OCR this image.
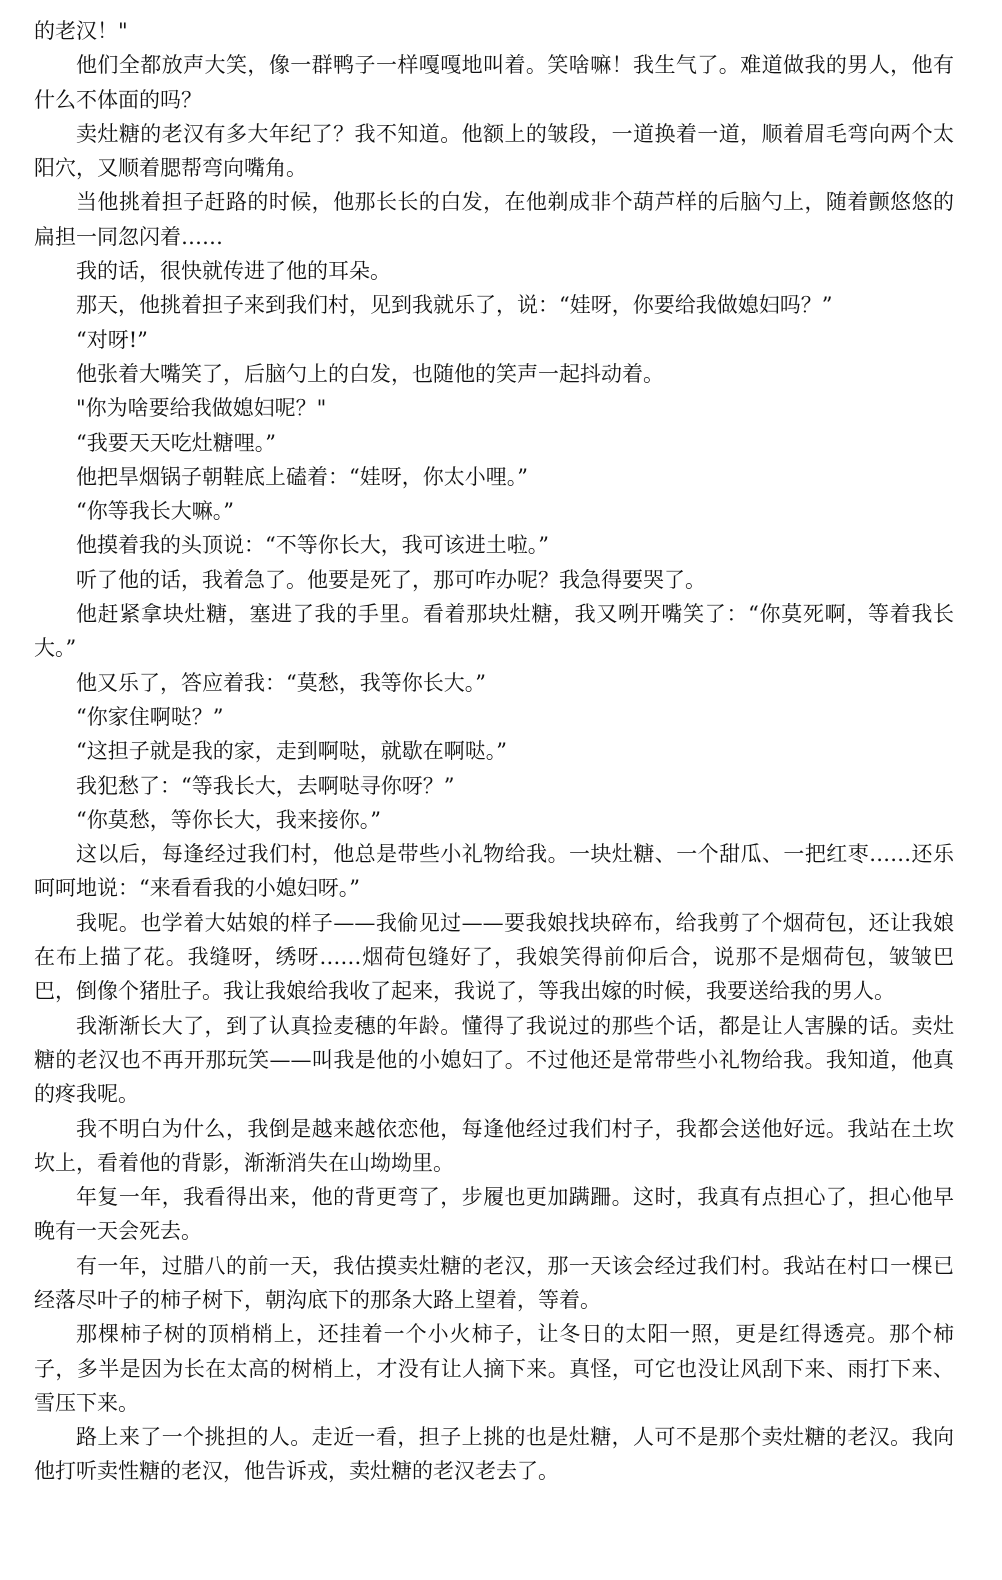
的老汉！"

他们全都放声大笑，像一群鸭子一样嘎嘎地叫着。笑啥嘛！我生气了。难道做我的男人，他有什么不体面的吗？

卖灶糖的老汉有多大年纪了？我不知道。他额上的皱段，一道换着一道，顺着眉毛弯向两个太阳穴，又顺着腮帮弯向嘴角。

当他挑着担子赶路的时候，他那长长的白发，在他剃成非个葫芦样的后脑勺上，随着颤悠悠的扁担一同忽闪着……

我的话，很快就传进了他的耳朵。

那天，他挑着担子来到我们村，见到我就乐了，说：“娃呀，你要给我做媳妇吗？”

“对呀!”

他张着大嘴笑了，后脑勺上的白发，也随他的笑声一起抖动着。

"你为啥要给我做媳妇呢？"

“我要天天吃灶糖哩。”

他把旱烟锅子朝鞋底上磕着：“娃呀，你太小哩。”

“你等我长大嘛。”

他摸着我的头顶说：“不等你长大，我可该进土啦。”

听了他的话，我着急了。他要是死了，那可咋办呢？我急得要哭了。

他赶紧拿块灶糖，塞进了我的手里。看着那块灶糖，我又咧开嘴笑了：“你莫死啊，等着我长大。”

他又乐了，答应着我：“莫愁，我等你长大。”

“你家住啊哒？”

“这担子就是我的家，走到啊哒，就歇在啊哒。”

我犯愁了：“等我长大，去啊哒寻你呀？”

“你莫愁，等你长大，我来接你。”

这以后，每逢经过我们村，他总是带些小礼物给我。一块灶糖、一个甜瓜、一把红枣……还乐呵呵地说：“来看看我的小媳妇呀。”

我呢。也学着大姑娘的样子——我偷见过——要我娘找块碎布，给我剪了个烟荷包，还让我娘在布上描了花。我缝呀，绣呀……烟荷包缝好了，我娘笑得前仰后合，说那不是烟荷包，皱皱巴巴，倒像个猪肚子。我让我娘给我收了起来，我说了，等我出嫁的时候，我要送给我的男人。

我渐渐长大了，到了认真捡麦穗的年龄。懂得了我说过的那些个话，都是让人害臊的话。卖灶糖的老汉也不再开那玩笑——叫我是他的小媳妇了。不过他还是常带些小礼物给我。我知道，他真的疼我呢。

我不明白为什么，我倒是越来越依恋他，每逢他经过我们村子，我都会送他好远。我站在土坎坎上，看着他的背影，渐渐消失在山坳坳里。

年复一年，我看得出来，他的背更弯了，步履也更加蹒跚。这时，我真有点担心了，担心他早晚有一天会死去。

有一年，过腊八的前一天，我估摸卖灶糖的老汉，那一天该会经过我们村。我站在村口一棵已经落尽叶子的柿子树下，朝沟底下的那条大路上望着，等着。

那棵柿子树的顶梢梢上，还挂着一个小火柿子，让冬日的太阳一照，更是红得透亮。那个柿子，多半是因为长在太高的树梢上，才没有让人摘下来。真怪，可它也没让风刮下来、雨打下来、雪压下来。

路上来了一个挑担的人。走近一看，担子上挑的也是灶糖，人可不是那个卖灶糖的老汉。我向他打听卖性糖的老汉，他告诉戎，卖灶糖的老汉老去了。
